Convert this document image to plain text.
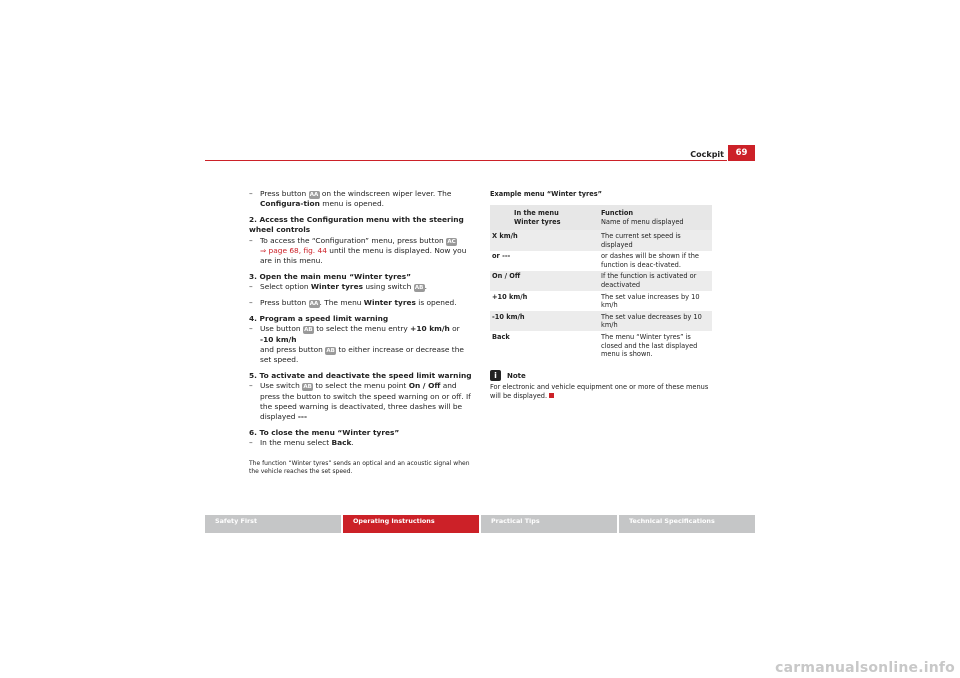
Cockpit	69
– Press button AA on the windscreen wiper lever. The Configura-tion menu is opened.
2. Access the Configuration menu with the steering wheel controls
– To access the “Configuration” menu, press button AC
⇒ page 68, fig. 44 until the menu is displayed. Now you are in this menu.
3. Open the main menu “Winter tyres”
– Select option Winter tyres using switch AB.
– Press button AA. The menu Winter tyres is opened.
4. Program a speed limit warning
– Use button AB to select the menu entry +10 km/h or -10 km/h
and press button AB to either increase or decrease the set speed.
5. To activate and deactivate the speed limit warning
– Use switch AB to select the menu point On / Off and press the button to switch the speed warning on or off. If the speed warning is deactivated, three dashes will be displayed ---
6. To close the menu “Winter tyres”
– In the menu select Back.
The function “Winter tyres” sends an optical and an acoustic signal when the vehicle reaches the set speed.
Example menu “Winter tyres”
In the menu
Winter tyres	Function
Name of menu displayed

X km/h	The current set speed is displayed
or ---	or dashes will be shown if the function is deac-tivated.
On / Off	If the function is activated or deactivated
+10 km/h	The set value increases by 10 km/h
-10 km/h	The set value decreases by 10 km/h
Back	The menu “Winter tyres” is closed and the last displayed menu is shown.
i	Note
For electronic and vehicle equipment one or more of these menus will be displayed.
Safety First	Operating Instructions	Practical Tips	Technical Specifications
carmanualsonline.info
